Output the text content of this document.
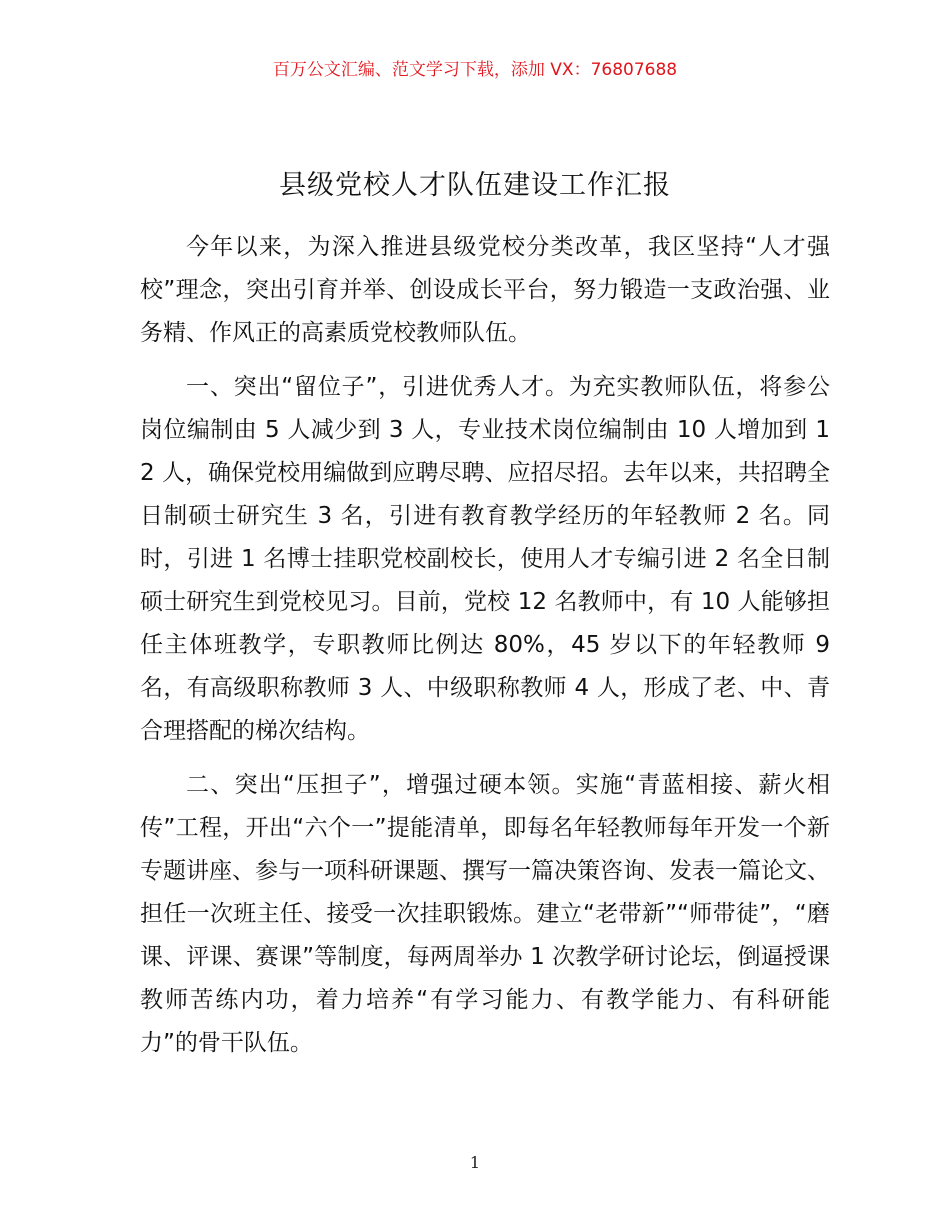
百万公文汇编、范文学习下载，添加 VX：76807688
县级党校人才队伍建设工作汇报

今年以来，为深入推进县级党校分类改革，我区坚持“人才强校”理念，突出引育并举、创设成长平台，努力锻造一支政治强、业务精、作风正的高素质党校教师队伍。

一、突出“留位子”，引进优秀人才。为充实教师队伍，将参公岗位编制由 5 人减少到 3 人，专业技术岗位编制由 10 人增加到 12 人，确保党校用编做到应聘尽聘、应招尽招。去年以来，共招聘全日制硕士研究生 3 名，引进有教育教学经历的年轻教师 2 名。同时，引进 1 名博士挂职党校副校长，使用人才专编引进 2 名全日制硕士研究生到党校见习。目前，党校 12 名教师中，有 10 人能够担任主体班教学，专职教师比例达 80%，45 岁以下的年轻教师 9 名，有高级职称教师 3 人、中级职称教师 4 人，形成了老、中、青合理搭配的梯次结构。

二、突出“压担子”，增强过硬本领。实施“青蓝相接、薪火相传”工程，开出“六个一”提能清单，即每名年轻教师每年开发一个新专题讲座、参与一项科研课题、撰写一篇决策咨询、发表一篇论文、担任一次班主任、接受一次挂职锻炼。建立“老带新”“师带徒”，“磨课、评课、赛课”等制度，每两周举办 1 次教学研讨论坛，倒逼授课教师苦练内功，着力培养“有学习能力、有教学能力、有科研能力”的骨干队伍。

1
